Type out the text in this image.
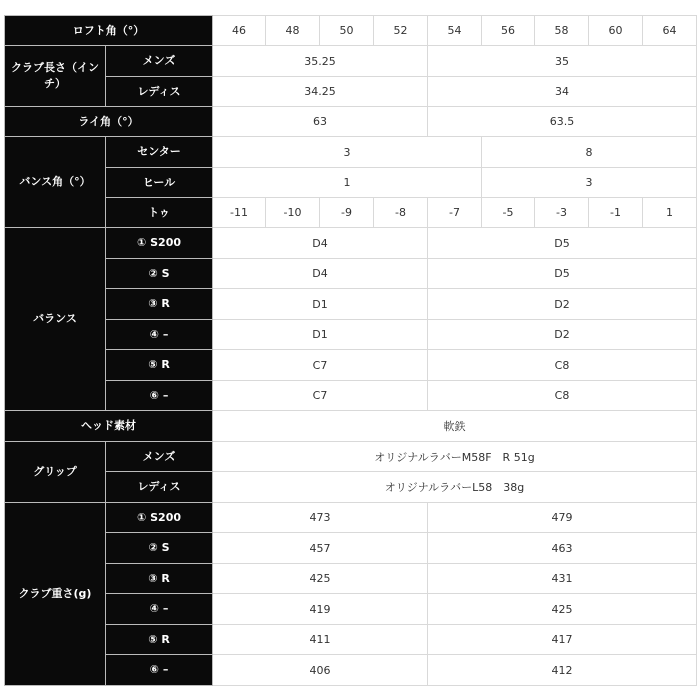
ロフト角（°）		46	48	50	52	54	56	58	60	64
クラブ長さ（インチ）	メンズ	35.25				35				
	レディス	34.25				34				
ライ角（°）		63				63.5				
バンス角（°）	センター	3					8			
	ヒール	1					3			
	トゥ	-11	-10	-9	-8	-7	-5	-3	-1	1
バランス	① S200	D4				D5				
	② S	D4				D5				
	③ R	D1				D2				
	④ –	D1				D2				
	⑤ R	C7				C8				
	⑥ –	C7				C8				
ヘッド素材		軟鉄								
グリップ	メンズ	オリジナルラバーM58F　R 51g								
	レディス	オリジナルラバーL58　38g								
クラブ重さ(g)	① S200	473				479				
	② S	457				463				
	③ R	425				431				
	④ –	419				425				
	⑤ R	411				417				
	⑥ –	406				412				
